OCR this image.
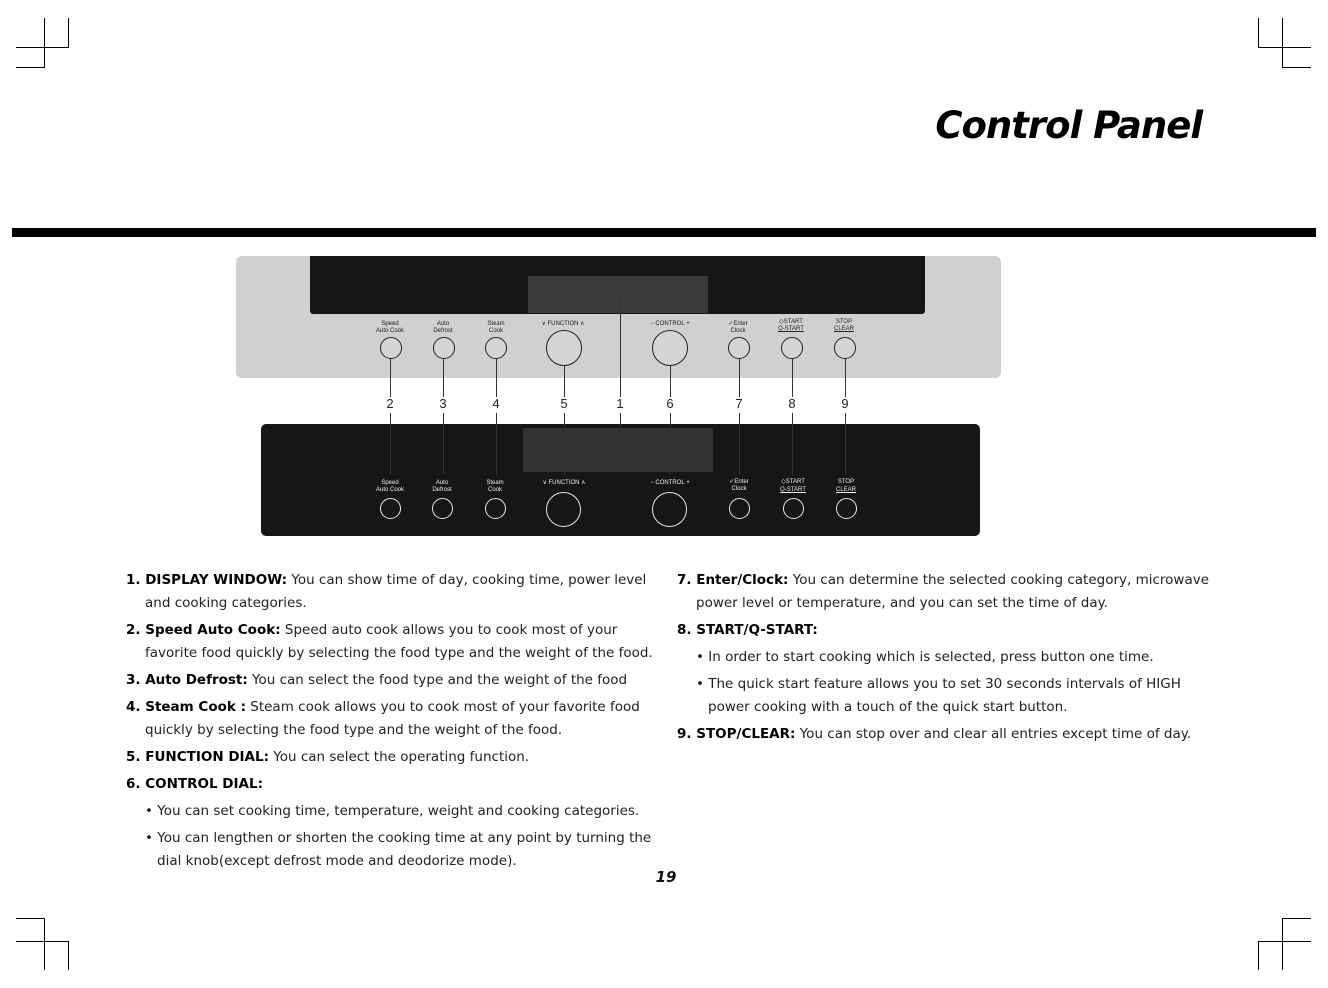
Control Panel
Speed
Auto Cook
Auto
Defrost
Steam
Cook
∨ FUNCTION ∧	− CONTROL +	✓Enter
Clock
◇START
Q-START
STOP
CLEAR
2	3	4	5	1	6	7	8	9
Speed
Auto Cook
Auto
Defrost
Steam
Cook
∨ FUNCTION ∧	− CONTROL +	✓Enter
Clock
◇START
Q-START
STOP
CLEAR
1. DISPLAY WINDOW: You can show time of day, cooking time, power level
and cooking categories.
2. Speed Auto Cook: Speed auto cook allows you to cook most of your
favorite food quickly by selecting the food type and the weight of the food.
3. Auto Defrost: You can select the food type and the weight of the food
4. Steam Cook : Steam cook allows you to cook most of your favorite food
quickly by selecting the food type and the weight of the food.
5. FUNCTION DIAL: You can select the operating function.
6. CONTROL DIAL:
• You can set cooking time, temperature, weight and cooking categories.
• You can lengthen or shorten the cooking time at any point by turning the
dial knob(except defrost mode and deodorize mode).
7. Enter/Clock: You can determine the selected cooking category, microwave
power level or temperature, and you can set the time of day.
8. START/Q-START:
• In order to start cooking which is selected, press button one time.
• The quick start feature allows you to set 30 seconds intervals of HIGH
power cooking with a touch of the quick start button.
9. STOP/CLEAR: You can stop over and clear all entries except time of day.
19
